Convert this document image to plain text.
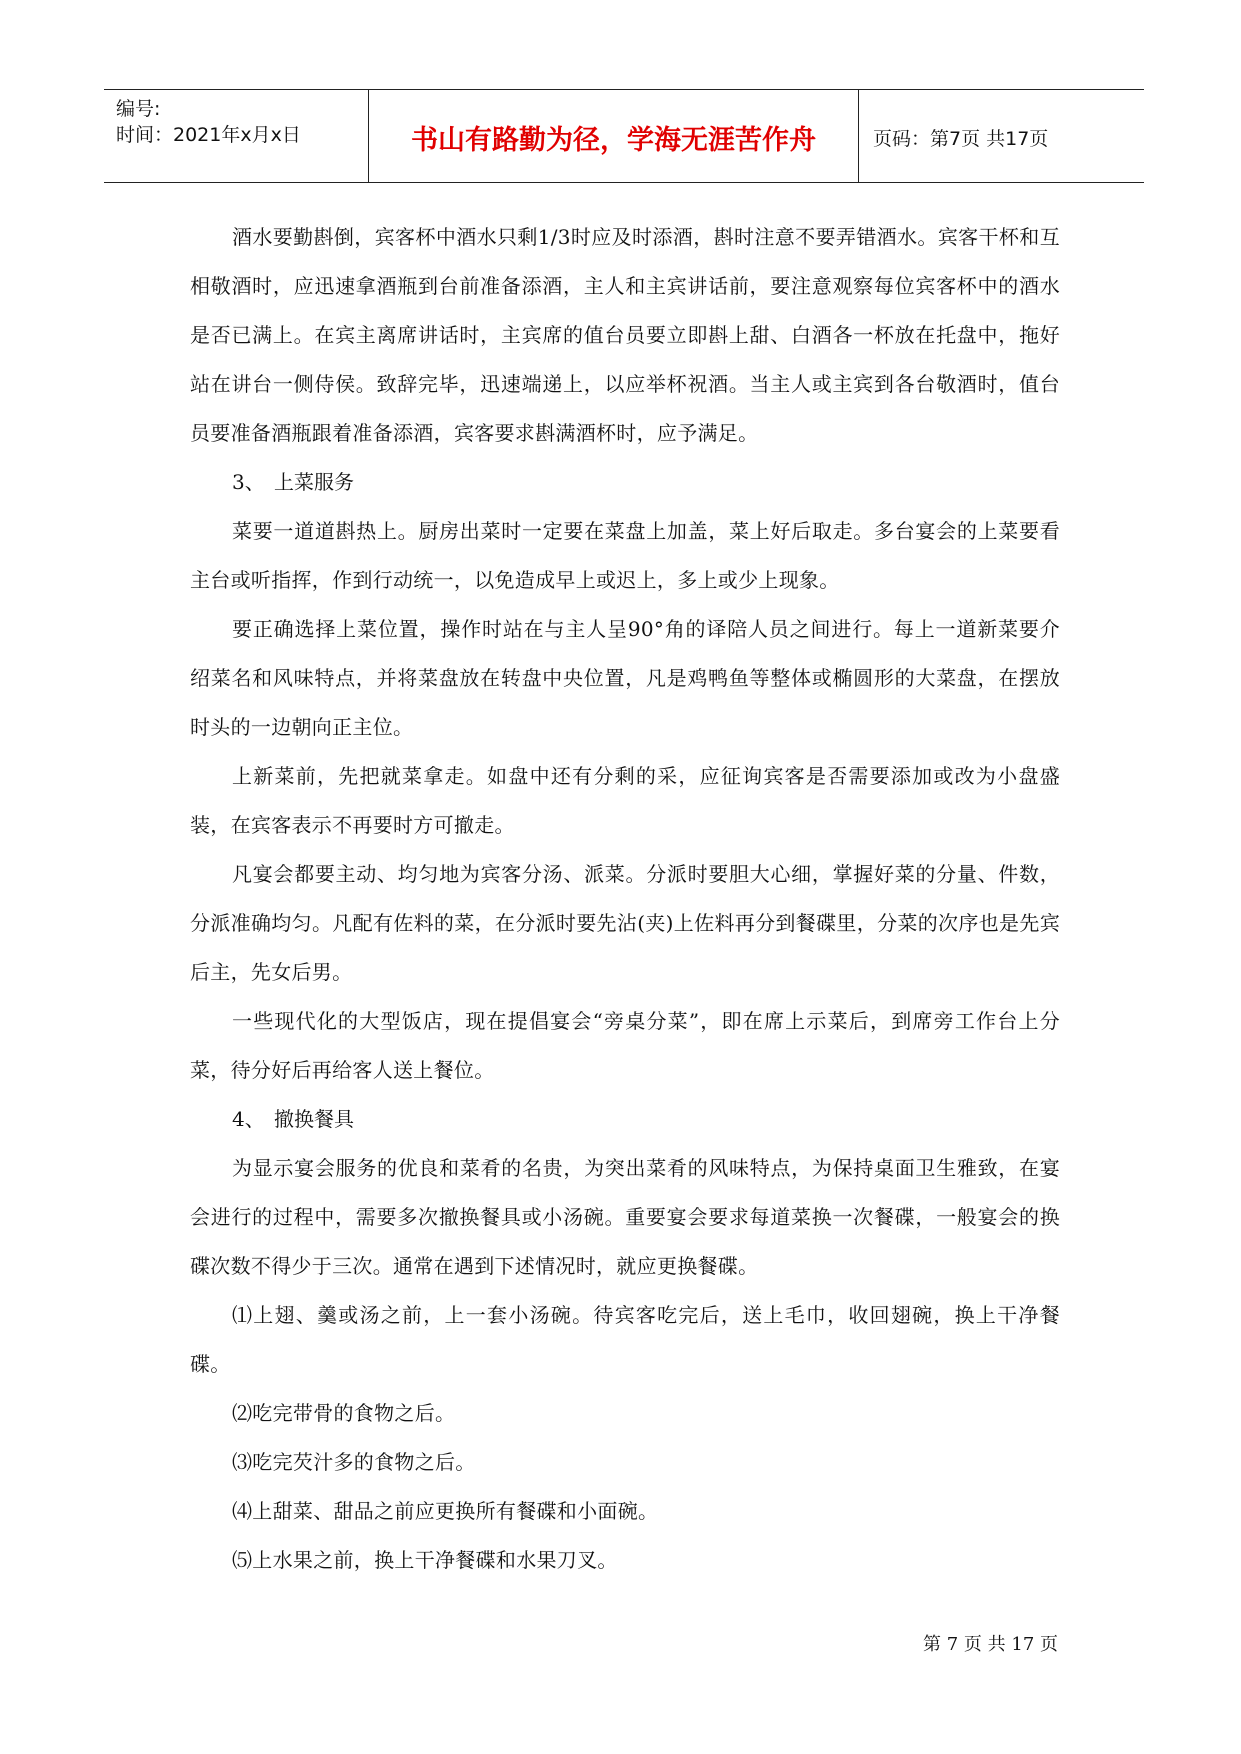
编号:
时间：2021年x月x日	书山有路勤为径，学海无涯苦作舟	页码：第7页 共17页

酒水要勤斟倒，宾客杯中酒水只剩1/3时应及时添酒，斟时注意不要弄错酒水。宾客干杯和互相敬酒时，应迅速拿酒瓶到台前准备添酒，主人和主宾讲话前，要注意观察每位宾客杯中的酒水是否已满上。在宾主离席讲话时，主宾席的值台员要立即斟上甜、白酒各一杯放在托盘中，拖好站在讲台一侧侍侯。致辞完毕，迅速端递上，以应举杯祝酒。当主人或主宾到各台敬酒时，值台员要准备酒瓶跟着准备添酒，宾客要求斟满酒杯时，应予满足。

3、 上菜服务

菜要一道道斟热上。厨房出菜时一定要在菜盘上加盖，菜上好后取走。多台宴会的上菜要看主台或听指挥，作到行动统一，以免造成早上或迟上，多上或少上现象。

要正确选择上菜位置，操作时站在与主人呈90°角的译陪人员之间进行。每上一道新菜要介绍菜名和风味特点，并将菜盘放在转盘中央位置，凡是鸡鸭鱼等整体或椭圆形的大菜盘，在摆放时头的一边朝向正主位。

上新菜前，先把就菜拿走。如盘中还有分剩的采，应征询宾客是否需要添加或改为小盘盛装，在宾客表示不再要时方可撤走。

凡宴会都要主动、均匀地为宾客分汤、派菜。分派时要胆大心细，掌握好菜的分量、件数，分派准确均匀。凡配有佐料的菜，在分派时要先沾(夹)上佐料再分到餐碟里，分菜的次序也是先宾后主，先女后男。

一些现代化的大型饭店，现在提倡宴会“旁桌分菜”，即在席上示菜后，到席旁工作台上分菜，待分好后再给客人送上餐位。

4、 撤换餐具

为显示宴会服务的优良和菜肴的名贵，为突出菜肴的风味特点，为保持桌面卫生雅致，在宴会进行的过程中，需要多次撤换餐具或小汤碗。重要宴会要求每道菜换一次餐碟，一般宴会的换碟次数不得少于三次。通常在遇到下述情况时，就应更换餐碟。

⑴上翅、羹或汤之前，上一套小汤碗。待宾客吃完后，送上毛巾，收回翅碗，换上干净餐碟。

⑵吃完带骨的食物之后。

⑶吃完芡汁多的食物之后。

⑷上甜菜、甜品之前应更换所有餐碟和小面碗。

⑸上水果之前，换上干净餐碟和水果刀叉。

第 7 页 共 17 页
